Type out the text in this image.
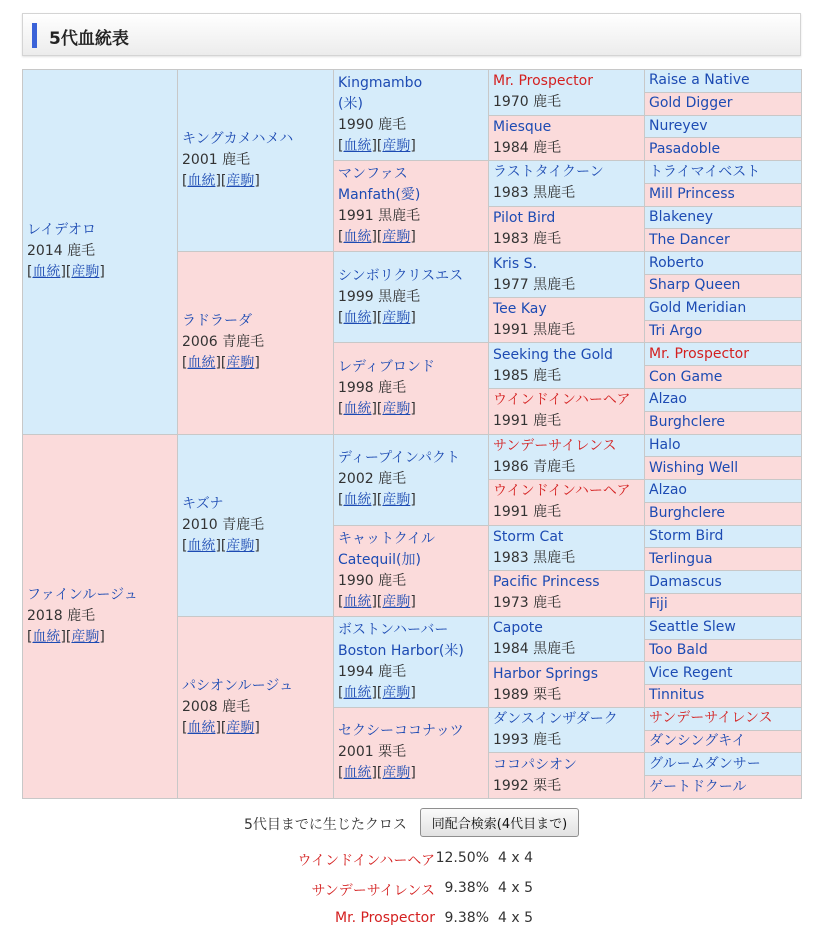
5代血統表
レイデオロ
2014 鹿毛
[血統][産駒]	キングカメハメハ
2001 鹿毛
[血統][産駒]	Kingmambo
(米)
1990 鹿毛
[血統][産駒]	Mr. Prospector
1970 鹿毛	Raise a Native

				Gold Digger

			Miesque
1984 鹿毛	Nureyev

				Pasadoble

		マンファス
Manfath(愛)
1991 黒鹿毛
[血統][産駒]	ラストタイクーン
1983 黒鹿毛	トライマイベスト

				Mill Princess

			Pilot Bird
1983 鹿毛	Blakeney

				The Dancer

	ラドラーダ
2006 青鹿毛
[血統][産駒]	シンボリクリスエス
1999 黒鹿毛
[血統][産駒]	Kris S.
1977 黒鹿毛	Roberto

				Sharp Queen

			Tee Kay
1991 黒鹿毛	Gold Meridian

				Tri Argo

		レディブロンド
1998 鹿毛
[血統][産駒]	Seeking the Gold
1985 鹿毛	Mr. Prospector

				Con Game

			ウインドインハーヘア
1991 鹿毛	Alzao

				Burghclere

ファインルージュ
2018 鹿毛
[血統][産駒]	キズナ
2010 青鹿毛
[血統][産駒]	ディープインパクト
2002 鹿毛
[血統][産駒]	サンデーサイレンス
1986 青鹿毛	Halo

				Wishing Well

			ウインドインハーヘア
1991 鹿毛	Alzao

				Burghclere

		キャットクイル
Catequil(加)
1990 鹿毛
[血統][産駒]	Storm Cat
1983 黒鹿毛	Storm Bird

				Terlingua

			Pacific Princess
1973 鹿毛	Damascus

				Fiji

	パシオンルージュ
2008 鹿毛
[血統][産駒]	ボストンハーバー
Boston Harbor(米)
1994 鹿毛
[血統][産駒]	Capote
1984 黒鹿毛	Seattle Slew

				Too Bald

			Harbor Springs
1989 栗毛	Vice Regent

				Tinnitus

		セクシーココナッツ
2001 栗毛
[血統][産駒]	ダンスインザダーク
1993 鹿毛	サンデーサイレンス

				ダンシングキイ

			ココパシオン
1992 栗毛	グルームダンサー

				ゲートドクール
5代目までに生じたクロス	同配合検索(4代目まで)
ウインドインハーヘア 12.50% 4 x 4
サンデーサイレンス 9.38% 4 x 5
Mr. Prospector 9.38% 4 x 5
